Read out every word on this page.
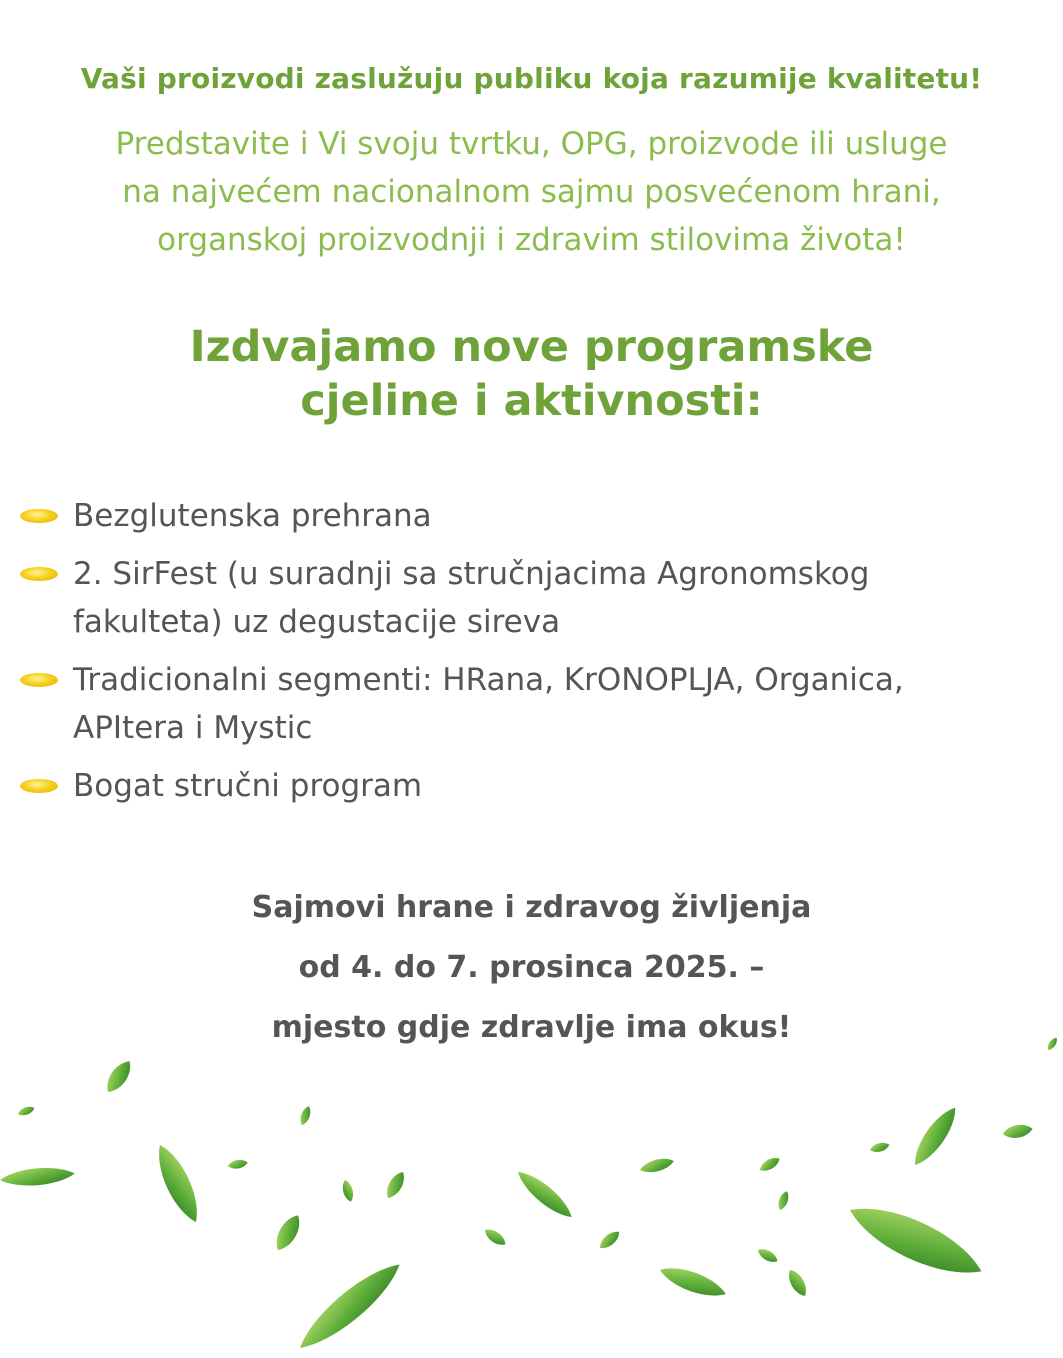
Vaši proizvodi zaslužuju publiku koja razumije kvalitetu!
Predstavite i Vi svoju tvrtku, OPG, proizvode ili usluge
na najvećem nacionalnom sajmu posvećenom hrani,
organskoj proizvodnji i zdravim stilovima života!
Izdvajamo nove programske
cjeline i aktivnosti:
Bezglutenska prehrana
2. SirFest (u suradnji sa stručnjacima Agronomskog
fakulteta) uz degustacije sireva
Tradicionalni segmenti: HRana, KrONOPLJA, Organica,
APItera i Mystic
Bogat stručni program
Sajmovi hrane i zdravog življenja
od 4. do 7. prosinca 2025. –
mjesto gdje zdravlje ima okus!
